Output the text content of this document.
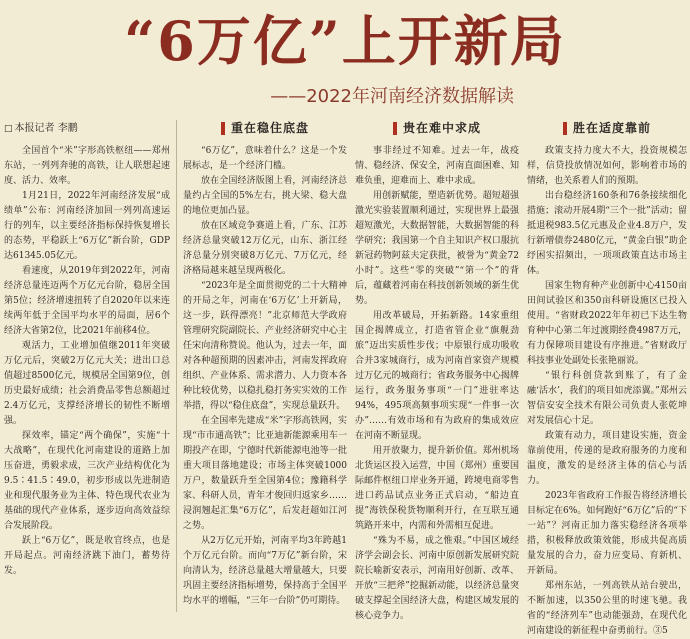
“6万亿”上开新局
——2022年河南经济数据解读
□ 本报记者 李鹏

全国首个“米”字形高铁枢纽——郑州东站，一列列奔驰的高铁，让人联想起速度、活力、效率。

1月21日，2022年河南经济发展“成绩单”公布：河南经济加回一列列高速运行的列车，以主要经济指标保持恢复增长的态势，平稳跃上“6万亿”新台阶，GDP达61345.05亿元。

看速度，从2019年到2022年，河南经济总量连迈两个万亿元台阶，稳居全国第5位；经济增速扭转了自2020年以来连续两年低于全国平均水平的局面，居6个经济大省第2位，比2021年前移4位。

观活力，工业增加值继2011年突破万亿元后，突破2万亿元大关；进出口总值超过8500亿元，规模居全国第9位，创历史最好成绩；社会消费品零售总额超过2.4万亿元，支撑经济增长的韧性不断增强。

探效率，锚定“两个确保”，实施“十大战略”，在现代化河南建设的道路上加压奋进，勇毅求成，三次产业结构优化为9.5∶41.5∶49.0，初步形成以先进制造业和现代服务业为主体、特色现代农业为基础的现代产业体系，逐步迈向高效益综合发展阶段。

跃上“6万亿”，既是收官终点，也是开局起点。河南经济跳下油门，蓄势待发。

重在稳住底盘

“6万亿”，意味着什么？这是一个发展标志，是一个经济门槛。

放在全国经济版图上看，河南经济总量约占全国的5%左右，挑大梁、稳大盘的地位更加凸显。

放在区域竞争赛道上看，广东、江苏经济总量突破12万亿元，山东、浙江经济总量分别突破8万亿元、7万亿元，经济格局越来越呈现两极化。

“2023年是全面贯彻党的二十大精神的开局之年，河南在‘6万亿’上开新局，这一步，跃得漂亮！”北京师范大学政府管理研究院副院长、产业经济研究中心主任宋向清称赞说。他认为，过去一年，面对各种超预期的因素冲击，河南发挥政府组织、产业体系、需求潜力、人力资本各种比较优势，以稳扎稳打务实实效的工作举措，得以“稳住底盘”，实现总量跃升。

在全国率先建成“米”字形高铁网，实现“市市通高铁”；比亚迪新能源乘用车一期投产在即，宁德时代新能源电池等一批重大项目落地建设；市场主体突破1000万户，数量跃升至全国第4位；豫籍科学家、科研人员，青年才俊回归返家乡……浸润翘起汇集“6万亿”，后发赶超如江河之势。

从2万亿元开始，河南平均3年跨越1个万亿元台阶。而向“7万亿”新台阶，宋向清认为，经济总量越大增量越大，只要巩固主要经济指标增势，保持高于全国平均水平的增幅，“三年一台阶”仍可期待。

贵在难中求成

事非经过不知难。过去一年，战疫情、稳经济、保安全，河南直面困难、知难负重，迎难而上、难中求成。

用创新赋能，塑造新优势。超短超强激光实验装置顺利通过，实现世界上最强超短激光，大数据智能，大数据智能的科学研究；我国第一个自主知识产权口服抗新冠药物阿兹夫定获批，被誉为“黄金72小时”。这些“零的突破”“第一个”的背后，蕴藏着河南在科技创新领域的新生优势。

用改革破局，开拓新路。14家重组国企揭牌成立，打造省管企业“旗舰劲旅”迈出实质性步伐；中原银行成功吸收合并3家城商行，成为河南首家资产规模过万亿元的城商行；省政务服务中心揭牌运行，政务服务事项“一门”进驻率达94%，495项高频事项实现“一件事一次办”……有效市场和有为政府的集成效应在河南不断显现。

用开放聚力，提升新价值。郑州机场北货运区投入运营，中国（郑州）重要国际邮件枢纽口岸业务开通，跨境电商零售进口药品试点业务正式启动，“船边直提”海铁保税货物顺利开行，在互联互通筑路开来中，内需和外需相互促进。

“殊为不易，成之惟艰。”中国区域经济学会副会长、河南中原创新发展研究院院长喻新安表示，河南用好创新、改革、开放“三把斧”挖掘新动能，以经济总量突破支撑起全国经济大盘，构建区域发展的核心竞争力。

胜在适度靠前

政策支持力度大不大，投资规模怎样，信贷投放情况如何，影响着市场的情绪，也关系着人们的预期。

出台稳经济160条和76条接续细化措施；滚动开展4期“三个一批”活动；留抵退税983.5亿元惠及企业4.8万户，发行新增债券2480亿元，“黄金白银”助企纾困实招频出，一项项政策直达市场主体。

国家生物育种产业创新中心4150亩田间试验区和350亩科研设施区已投入使用。“省财政2022年年初已下达生物育种中心第二年过渡期经费4987万元，有力保障项目建设有序推进。”省财政厅科技事业处副处长张艳丽说。

“银行科创贷款到账了，有了金融‘活水’，我们的项目如虎添翼。”郑州云智信安安全技术有限公司负责人张乾坤对发展信心十足。

政策有动力，项目建设实施，资金靠前使用，传递的是政府服务的力度和温度，激发的是经济主体的信心与活力。

2023年省政府工作报告将经济增长目标定在6%。如何跑好“6万亿”后的“下一站”？河南正加力落实稳经济各项举措，积极释放政策效能，形成共促高质量发展的合力，奋力应变局、育新机、开新局。

郑州东站，一列高铁从站台驶出，不断加速，以350公里的时速飞驰。我省的“经济列车”也动能强劲，在现代化河南建设的新征程中奋勇前行。③5
